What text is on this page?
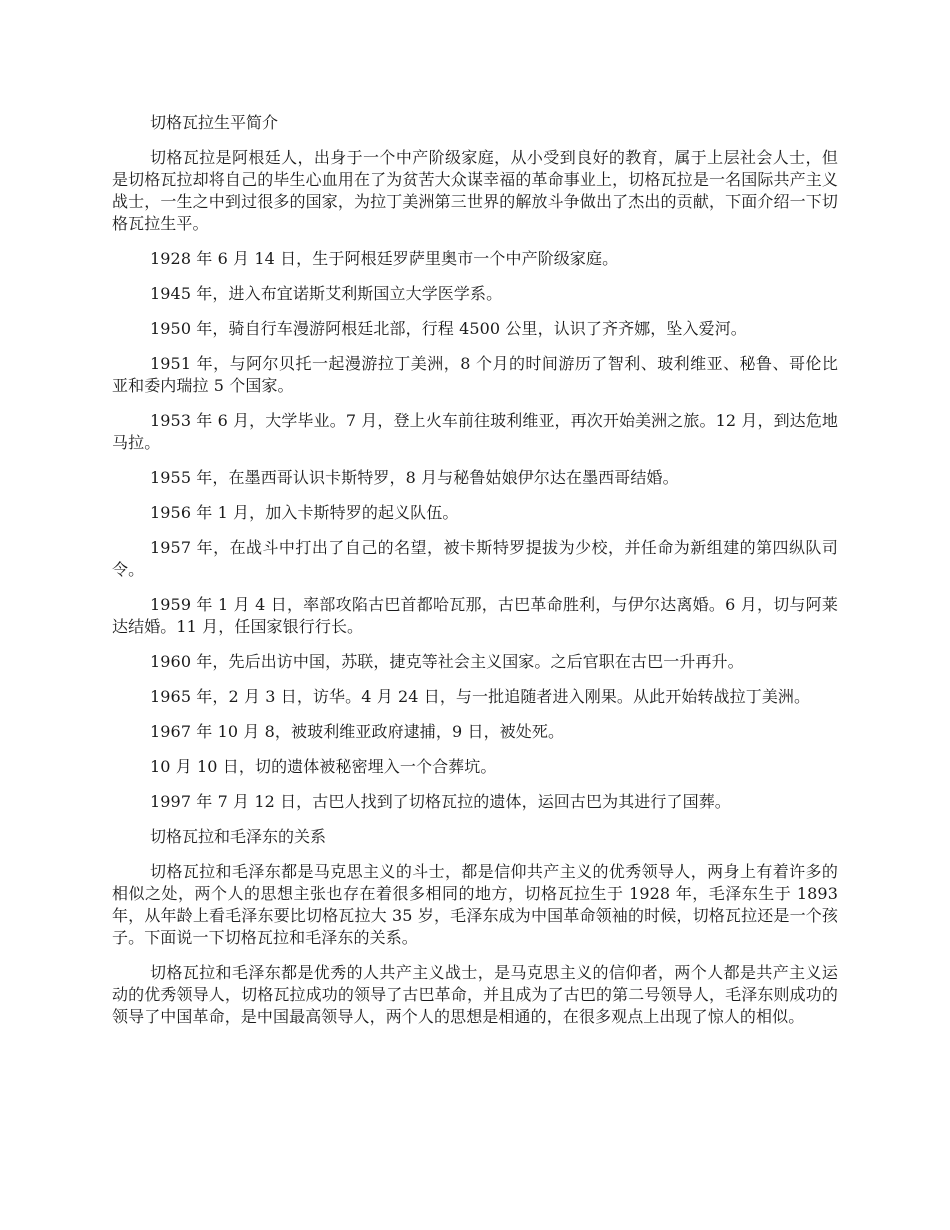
切格瓦拉生平简介

切格瓦拉是阿根廷人，出身于一个中产阶级家庭，从小受到良好的教育，属于上层社会人士，但是切格瓦拉却将自己的毕生心血用在了为贫苦大众谋幸福的革命事业上，切格瓦拉是一名国际共产主义战士，一生之中到过很多的国家，为拉丁美洲第三世界的解放斗争做出了杰出的贡献，下面介绍一下切格瓦拉生平。

1928 年 6 月 14 日，生于阿根廷罗萨里奥市一个中产阶级家庭。

1945 年，进入布宜诺斯艾利斯国立大学医学系。

1950 年，骑自行车漫游阿根廷北部，行程 4500 公里，认识了齐齐娜，坠入爱河。

1951 年，与阿尔贝托一起漫游拉丁美洲，8 个月的时间游历了智利、玻利维亚、秘鲁、哥伦比亚和委内瑞拉 5 个国家。

1953 年 6 月，大学毕业。7 月，登上火车前往玻利维亚，再次开始美洲之旅。12 月，到达危地马拉。

1955 年，在墨西哥认识卡斯特罗，8 月与秘鲁姑娘伊尔达在墨西哥结婚。

1956 年 1 月，加入卡斯特罗的起义队伍。

1957 年，在战斗中打出了自己的名望，被卡斯特罗提拔为少校，并任命为新组建的第四纵队司令。

1959 年 1 月 4 日，率部攻陷古巴首都哈瓦那，古巴革命胜利，与伊尔达离婚。6 月，切与阿莱达结婚。11 月，任国家银行行长。

1960 年，先后出访中国，苏联，捷克等社会主义国家。之后官职在古巴一升再升。

1965 年，2 月 3 日，访华。4 月 24 日，与一批追随者进入刚果。从此开始转战拉丁美洲。

1967 年 10 月 8，被玻利维亚政府逮捕，9 日，被处死。

10 月 10 日，切的遗体被秘密埋入一个合葬坑。

1997 年 7 月 12 日，古巴人找到了切格瓦拉的遗体，运回古巴为其进行了国葬。

切格瓦拉和毛泽东的关系

切格瓦拉和毛泽东都是马克思主义的斗士，都是信仰共产主义的优秀领导人，两身上有着许多的相似之处，两个人的思想主张也存在着很多相同的地方，切格瓦拉生于 1928 年，毛泽东生于 1893 年，从年龄上看毛泽东要比切格瓦拉大 35 岁，毛泽东成为中国革命领袖的时候，切格瓦拉还是一个孩子。下面说一下切格瓦拉和毛泽东的关系。

切格瓦拉和毛泽东都是优秀的人共产主义战士，是马克思主义的信仰者，两个人都是共产主义运动的优秀领导人，切格瓦拉成功的领导了古巴革命，并且成为了古巴的第二号领导人，毛泽东则成功的领导了中国革命，是中国最高领导人，两个人的思想是相通的，在很多观点上出现了惊人的相似。
